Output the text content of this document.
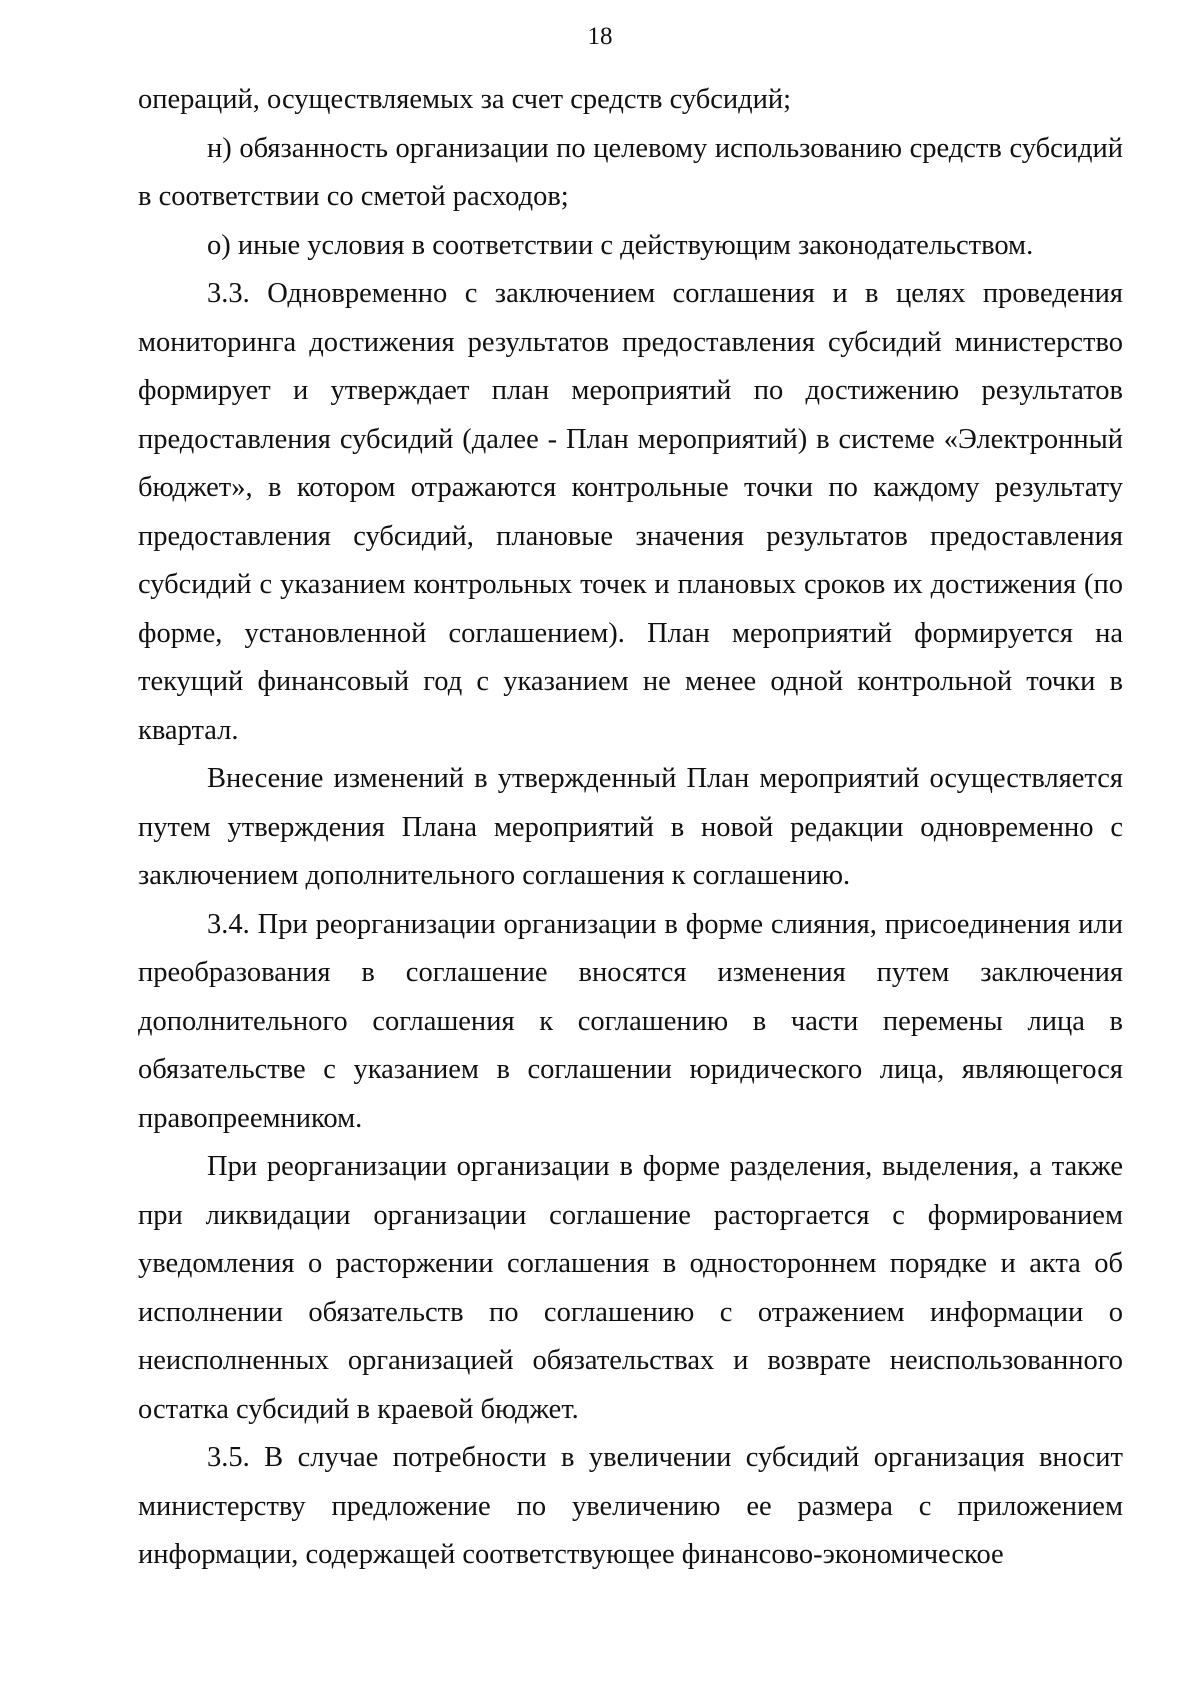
18

операций, осуществляемых за счет средств субсидий;

н) обязанность организации по целевому использованию средств субсидий в соответствии со сметой расходов;

о) иные условия в соответствии с действующим законодательством.

3.3. Одновременно с заключением соглашения и в целях проведения мониторинга достижения результатов предоставления субсидий министерство формирует и утверждает план мероприятий по достижению результатов предоставления субсидий (далее - План мероприятий) в системе «Электронный бюджет», в котором отражаются контрольные точки по каждому результату предоставления субсидий, плановые значения результатов предоставления субсидий с указанием контрольных точек и плановых сроков их достижения (по форме, установленной соглашением). План мероприятий формируется на текущий финансовый год с указанием не менее одной контрольной точки в квартал.

Внесение изменений в утвержденный План мероприятий осуществляется путем утверждения Плана мероприятий в новой редакции одновременно с заключением дополнительного соглашения к соглашению.

3.4. При реорганизации организации в форме слияния, присоединения или преобразования в соглашение вносятся изменения путем заключения дополнительного соглашения к соглашению в части перемены лица в обязательстве с указанием в соглашении юридического лица, являющегося правопреемником.

При реорганизации организации в форме разделения, выделения, а также при ликвидации организации соглашение расторгается с формированием уведомления о расторжении соглашения в одностороннем порядке и акта об исполнении обязательств по соглашению с отражением информации о неисполненных организацией обязательствах и возврате неиспользованного остатка субсидий в краевой бюджет.

3.5. В случае потребности в увеличении субсидий организация вносит министерству предложение по увеличению ее размера с приложением информации, содержащей соответствующее финансово-экономическое
